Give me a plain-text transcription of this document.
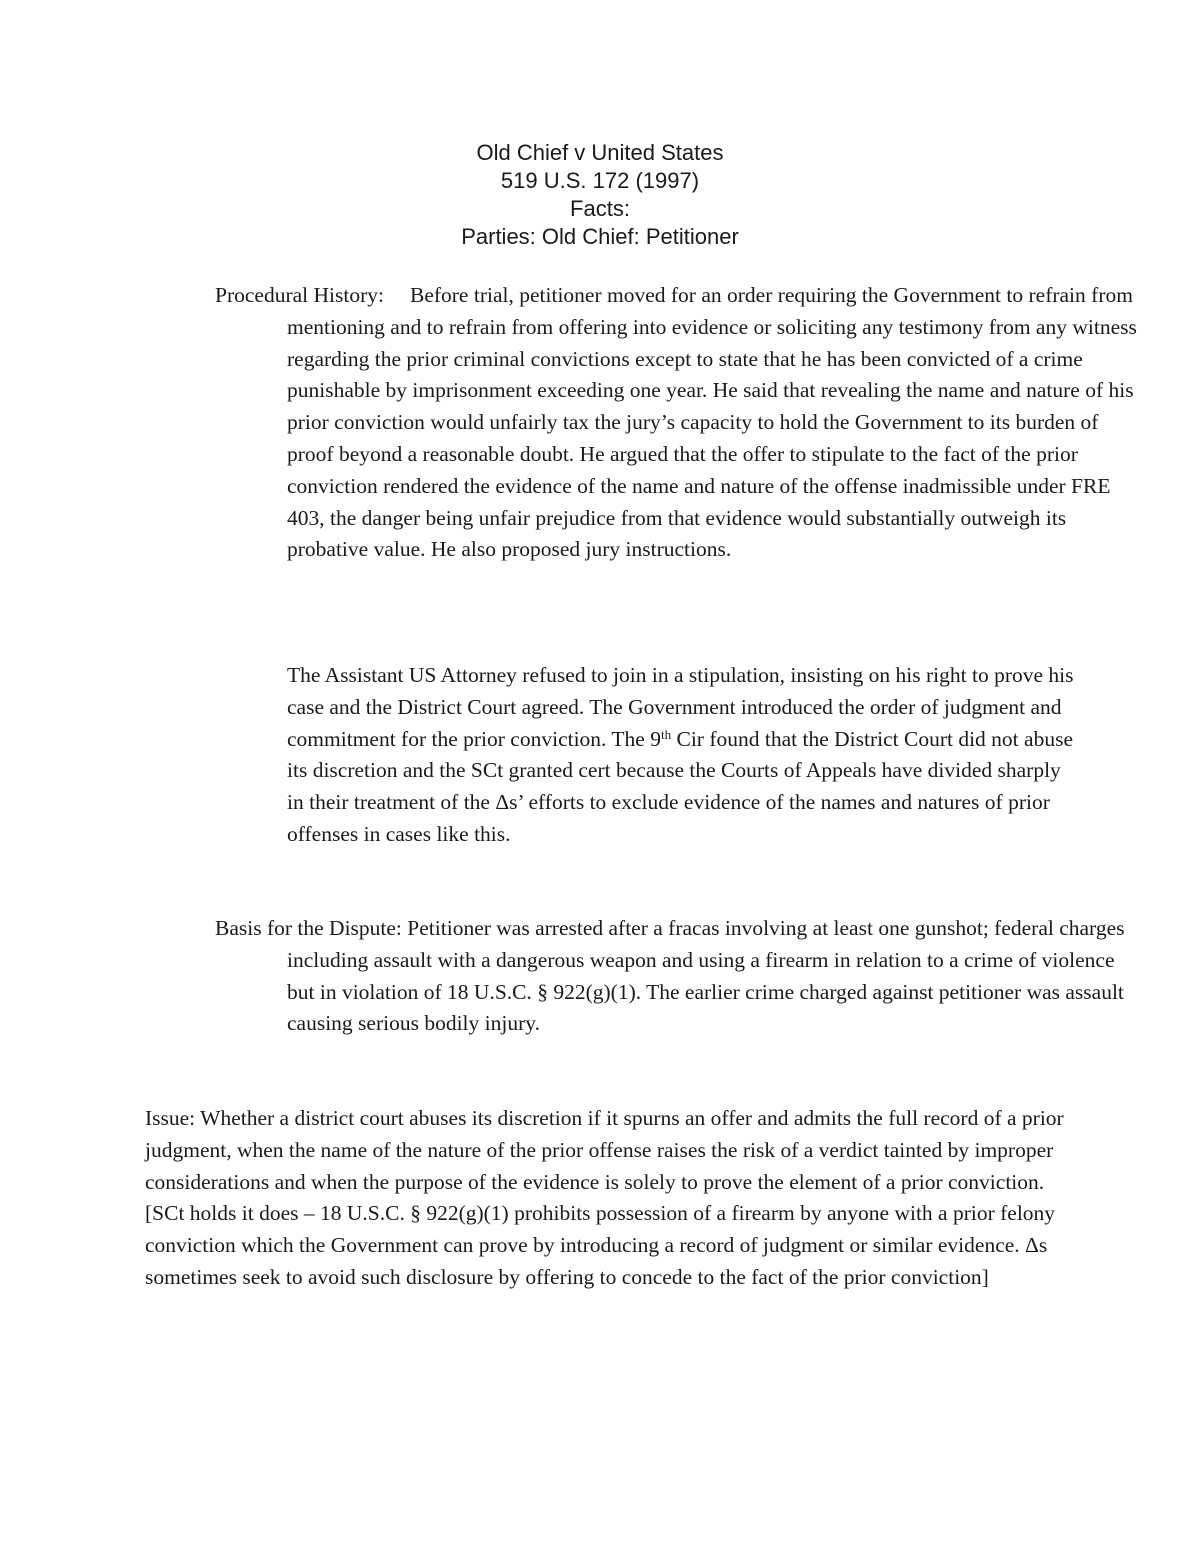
Old Chief v United States
519 U.S. 172 (1997)
Facts:
Parties: Old Chief: Petitioner
Procedural History: Before trial, petitioner moved for an order requiring the Government to refrain from mentioning and to refrain from offering into evidence or soliciting any testimony from any witness regarding the prior criminal convictions except to state that he has been convicted of a crime punishable by imprisonment exceeding one year. He said that revealing the name and nature of his prior conviction would unfairly tax the jury’s capacity to hold the Government to its burden of proof beyond a reasonable doubt. He argued that the offer to stipulate to the fact of the prior conviction rendered the evidence of the name and nature of the offense inadmissible under FRE 403, the danger being unfair prejudice from that evidence would substantially outweigh its probative value. He also proposed jury instructions.
The Assistant US Attorney refused to join in a stipulation, insisting on his right to prove his case and the District Court agreed. The Government introduced the order of judgment and commitment for the prior conviction. The 9th Cir found that the District Court did not abuse its discretion and the SCt granted cert because the Courts of Appeals have divided sharply in their treatment of the Δs’ efforts to exclude evidence of the names and natures of prior offenses in cases like this.
Basis for the Dispute: Petitioner was arrested after a fracas involving at least one gunshot; federal charges including assault with a dangerous weapon and using a firearm in relation to a crime of violence but in violation of 18 U.S.C. § 922(g)(1). The earlier crime charged against petitioner was assault causing serious bodily injury.
Issue: Whether a district court abuses its discretion if it spurns an offer and admits the full record of a prior judgment, when the name of the nature of the prior offense raises the risk of a verdict tainted by improper considerations and when the purpose of the evidence is solely to prove the element of a prior conviction. [SCt holds it does – 18 U.S.C. § 922(g)(1) prohibits possession of a firearm by anyone with a prior felony conviction which the Government can prove by introducing a record of judgment or similar evidence. Δs sometimes seek to avoid such disclosure by offering to concede to the fact of the prior conviction]
